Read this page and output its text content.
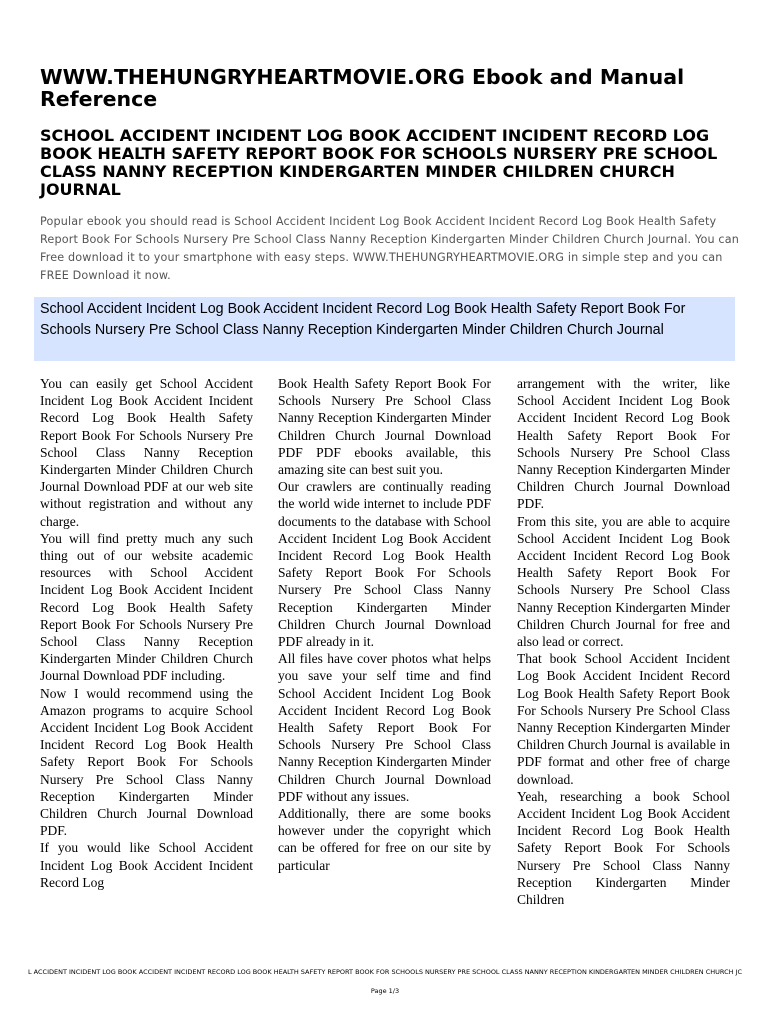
WWW.THEHUNGRYHEARTMOVIE.ORG Ebook and Manual Reference
SCHOOL ACCIDENT INCIDENT LOG BOOK ACCIDENT INCIDENT RECORD LOG BOOK HEALTH SAFETY REPORT BOOK FOR SCHOOLS NURSERY PRE SCHOOL CLASS NANNY RECEPTION KINDERGARTEN MINDER CHILDREN CHURCH JOURNAL
Popular ebook you should read is School Accident Incident Log Book Accident Incident Record Log Book Health Safety Report Book For Schools Nursery Pre School Class Nanny Reception Kindergarten Minder Children Church Journal. You can Free download it to your smartphone with easy steps. WWW.THEHUNGRYHEARTMOVIE.ORG in simple step and you can FREE Download it now.
School Accident Incident Log Book Accident Incident Record Log Book Health Safety Report Book For Schools Nursery Pre School Class Nanny Reception Kindergarten Minder Children Church Journal

You can easily get School Accident Incident Log Book Accident Incident Record Log Book Health Safety Report Book For Schools Nursery Pre School Class Nanny Reception Kindergarten Minder Children Church Journal Download PDF at our web site without registration and without any charge.

You will find pretty much any such thing out of our website academic resources with School Accident Incident Log Book Accident Incident Record Log Book Health Safety Report Book For Schools Nursery Pre School Class Nanny Reception Kindergarten Minder Children Church Journal Download PDF including.

Now I would recommend using the Amazon programs to acquire School Accident Incident Log Book Accident Incident Record Log Book Health Safety Report Book For Schools Nursery Pre School Class Nanny Reception Kindergarten Minder Children Church Journal Download PDF.

If you would like School Accident Incident Log Book Accident Incident Record Log

Book Health Safety Report Book For Schools Nursery Pre School Class Nanny Reception Kindergarten Minder Children Church Journal Download PDF PDF ebooks available, this amazing site can best suit you.

Our crawlers are continually reading the world wide internet to include PDF documents to the database with School Accident Incident Log Book Accident Incident Record Log Book Health Safety Report Book For Schools Nursery Pre School Class Nanny Reception Kindergarten Minder Children Church Journal Download PDF already in it.

All files have cover photos what helps you save your self time and find School Accident Incident Log Book Accident Incident Record Log Book Health Safety Report Book For Schools Nursery Pre School Class Nanny Reception Kindergarten Minder Children Church Journal Download PDF without any issues.

Additionally, there are some books however under the copyright which can be offered for free on our site by particular

arrangement with the writer, like School Accident Incident Log Book Accident Incident Record Log Book Health Safety Report Book For Schools Nursery Pre School Class Nanny Reception Kindergarten Minder Children Church Journal Download PDF.

From this site, you are able to acquire School Accident Incident Log Book Accident Incident Record Log Book Health Safety Report Book For Schools Nursery Pre School Class Nanny Reception Kindergarten Minder Children Church Journal for free and also lead or correct.

That book School Accident Incident Log Book Accident Incident Record Log Book Health Safety Report Book For Schools Nursery Pre School Class Nanny Reception Kindergarten Minder Children Church Journal is available in PDF format and other free of charge download.

Yeah, researching a book School Accident Incident Log Book Accident Incident Record Log Book Health Safety Report Book For Schools Nursery Pre School Class Nanny Reception Kindergarten Minder Children

L ACCIDENT INCIDENT LOG BOOK ACCIDENT INCIDENT RECORD LOG BOOK HEALTH SAFETY REPORT BOOK FOR SCHOOLS NURSERY PRE SCHOOL CLASS NANNY RECEPTION KINDERGARTEN MINDER CHILDREN CHURCH JC
Page 1/3
